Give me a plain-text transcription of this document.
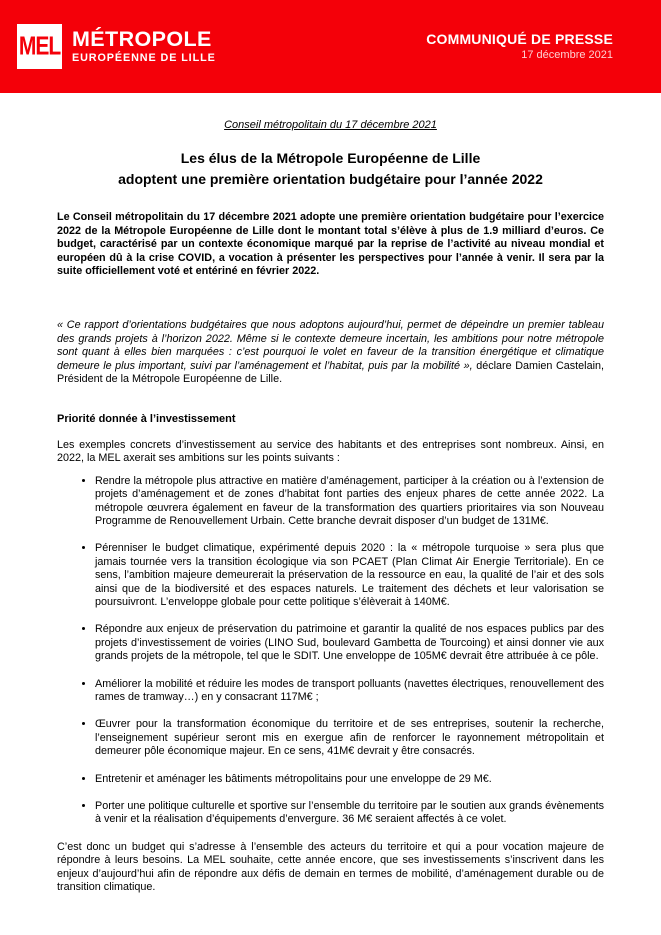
MEL MÉTROPOLE
EUROPÉENNE DE LILLE
COMMUNIQUÉ DE PRESSE
17 décembre 2021

Conseil métropolitain du 17 décembre 2021

Les élus de la Métropole Européenne de Lille
adoptent une première orientation budgétaire pour l’année 2022

Le Conseil métropolitain du 17 décembre 2021 adopte une première orientation budgétaire pour l’exercice 2022 de la Métropole Européenne de Lille dont le montant total s’élève à plus de 1.9 milliard d’euros. Ce budget, caractérisé par un contexte économique marqué par la reprise de l’activité au niveau mondial et européen dû à la crise COVID, a vocation à présenter les perspectives pour l’année à venir. Il sera par la suite officiellement voté et entériné en février 2022.

« Ce rapport d’orientations budgétaires que nous adoptons aujourd’hui, permet de dépeindre un premier tableau des grands projets à l’horizon 2022. Même si le contexte demeure incertain, les ambitions pour notre métropole sont quant à elles bien marquées : c’est pourquoi le volet en faveur de la transition énergétique et climatique demeure le plus important, suivi par l’aménagement et l’habitat, puis par la mobilité », déclare Damien Castelain, Président de la Métropole Européenne de Lille.

Priorité donnée à l’investissement

Les exemples concrets d’investissement au service des habitants et des entreprises sont nombreux. Ainsi, en 2022, la MEL axerait ses ambitions sur les points suivants :

• Rendre la métropole plus attractive en matière d’aménagement, participer à la création ou à l’extension de projets d’aménagement et de zones d’habitat font parties des enjeux phares de cette année 2022. La métropole œuvrera également en faveur de la transformation des quartiers prioritaires via son Nouveau Programme de Renouvellement Urbain. Cette branche devrait disposer d’un budget de 131M€.
• Pérenniser le budget climatique, expérimenté depuis 2020 : la « métropole turquoise » sera plus que jamais tournée vers la transition écologique via son PCAET (Plan Climat Air Energie Territoriale). En ce sens, l’ambition majeure demeurerait la préservation de la ressource en eau, la qualité de l’air et des sols ainsi que de la biodiversité et des espaces naturels. Le traitement des déchets et leur valorisation se poursuivront. L’enveloppe globale pour cette politique s’élèverait à 140M€.
• Répondre aux enjeux de préservation du patrimoine et garantir la qualité de nos espaces publics par des projets d’investissement de voiries (LINO Sud, boulevard Gambetta de Tourcoing) et ainsi donner vie aux grands projets de la métropole, tel que le SDIT. Une enveloppe de 105M€ devrait être attribuée à ce pôle.
• Améliorer la mobilité et réduire les modes de transport polluants (navettes électriques, renouvellement des rames de tramway…) en y consacrant 117M€ ;
• Œuvrer pour la transformation économique du territoire et de ses entreprises, soutenir la recherche, l’enseignement supérieur seront mis en exergue afin de renforcer le rayonnement métropolitain et demeurer pôle économique majeur. En ce sens, 41M€ devrait y être consacrés.
• Entretenir et aménager les bâtiments métropolitains pour une enveloppe de 29 M€.
• Porter une politique culturelle et sportive sur l’ensemble du territoire par le soutien aux grands évènements à venir et la réalisation d’équipements d’envergure. 36 M€ seraient affectés à ce volet.

C’est donc un budget qui s’adresse à l’ensemble des acteurs du territoire et qui a pour vocation majeure de répondre à leurs besoins. La MEL souhaite, cette année encore, que ses investissements s’inscrivent dans les enjeux d’aujourd’hui afin de répondre aux défis de demain en termes de mobilité, d’aménagement durable ou de transition climatique.
